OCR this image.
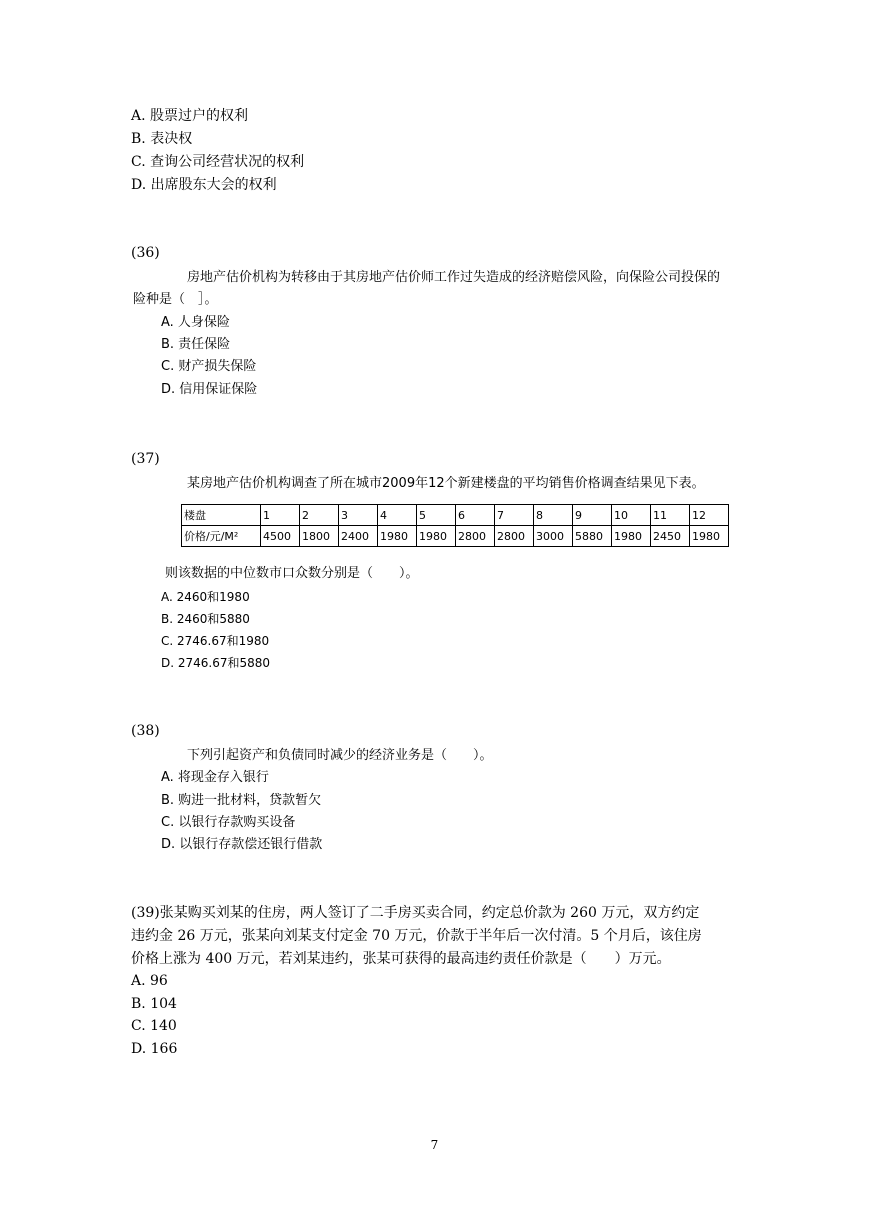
A. 股票过户的权利
B. 表决权
C. 查询公司经营状况的权利
D. 出席股东大会的权利
(36)
房地产估价机构为转移由于其房地产估价师工作过失造成的经济赔偿风险，向保险公司投保的
险种是（　］。
A. 人身保险
B. 责任保险
C. 财产损失保险
D. 信用保证保险
(37)
某房地产估价机构调查了所在城市2009年12个新建楼盘的平均销售价格调查结果见下表。
楼盘	1	2	3	4	5	6	7	8	9	10	11	12
价格/元/M²	4500	1800	2400	1980	1980	2800	2800	3000	5880	1980	2450	1980
则该数据的中位数市口众数分别是（　　）。
A. 2460和1980
B. 2460和5880
C. 2746.67和1980
D. 2746.67和5880
(38)
下列引起资产和负债同时减少的经济业务是（　　）。
A. 将现金存入银行
B. 购进一批材料，贷款暂欠
C. 以银行存款购买设备
D. 以银行存款偿还银行借款
(39)张某购买刘某的住房，两人签订了二手房买卖合同，约定总价款为 260 万元，双方约定
违约金 26 万元，张某向刘某支付定金 70 万元，价款于半年后一次付清。5 个月后，该住房
价格上涨为 400 万元，若刘某违约，张某可获得的最高违约责任价款是（　　）万元。
A. 96
B. 104
C. 140
D. 166
7
